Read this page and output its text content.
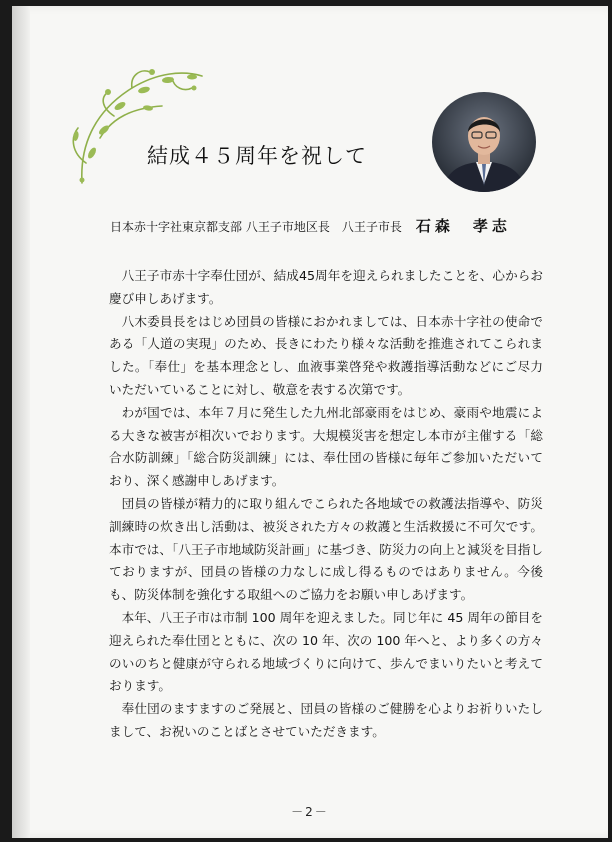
結成４５周年を祝して
日本赤十字社東京都支部 八王子市地区長　八王子市長 石森　孝志

八王子市赤十字奉仕団が、結成45周年を迎えられましたことを、心からお慶び申しあげます。

八木委員長をはじめ団員の皆様におかれましては、日本赤十字社の使命である「人道の実現」のため、長きにわたり様々な活動を推進されてこられました。「奉仕」を基本理念とし、血液事業啓発や救護指導活動などにご尽力いただいていることに対し、敬意を表する次第です。

わが国では、本年７月に発生した九州北部豪雨をはじめ、豪雨や地震による大きな被害が相次いでおります。大規模災害を想定し本市が主催する「総合水防訓練」「総合防災訓練」には、奉仕団の皆様に毎年ご参加いただいており、深く感謝申しあげます。

団員の皆様が精力的に取り組んでこられた各地域での救護法指導や、防災訓練時の炊き出し活動は、被災された方々の救護と生活救援に不可欠です。本市では、「八王子市地域防災計画」に基づき、防災力の向上と減災を目指しておりますが、団員の皆様の力なしに成し得るものではありません。今後も、防災体制を強化する取組へのご協力をお願い申しあげます。

本年、八王子市は市制 100 周年を迎えました。同じ年に 45 周年の節目を迎えられた奉仕団とともに、次の 10 年、次の 100 年へと、より多くの方々のいのちと健康が守られる地域づくりに向けて、歩んでまいりたいと考えております。

奉仕団のますますのご発展と、団員の皆様のご健勝を心よりお祈りいたしまして、お祝いのことばとさせていただきます。

－2－
